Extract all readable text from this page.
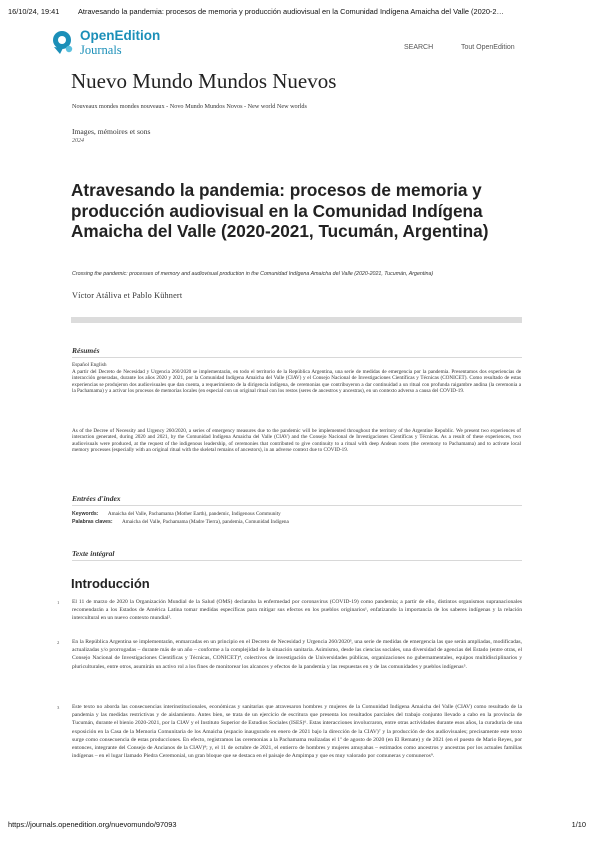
16/10/24, 19:41	Atravesando la pandemia: procesos de memoria y producción audiovisual en la Comunidad Indígena Amaicha del Valle (2020-2…
OpenEdition
Journals	SEARCH	Tout OpenEdition
Nuevo Mundo Mundos Nuevos
Nouveaux mondes mondes nouveaux - Novo Mundo Mundos Novos - New world New worlds
Images, mémoires et sons
2024
Atravesando la pandemia: procesos de memoria y producción audiovisual en la Comunidad Indígena Amaicha del Valle (2020-2021, Tucumán, Argentina)
Crossing the pandemic: processes of memory and audiovisual production in the Comunidad Indígena Amaicha del Valle (2020-2021, Tucumán, Argentina)
Víctor Atáliva et Pablo Kühnert
Résumés
Español English

A partir del Decreto de Necesidad y Urgencia 260/2020 se implementarán, en todo el territorio de la República Argentina, una serie de medidas de emergencia por la pandemia. Presentamos dos experiencias de interacción generadas, durante los años 2020 y 2021, por la Comunidad Indígena Amaicha del Valle (CIAV) y el Consejo Nacional de Investigaciones Científicas y Técnicas (CONICET). Como resultado de estas experiencias se produjeron dos audiovisuales que dan cuenta, a requerimiento de la dirigencia indígena, de ceremonias que contribuyeron a dar continuidad a un ritual con profunda raigambre andina (la ceremonia a la Pachamama) y a activar los procesos de memorias locales (en especial con un original ritual con los restos (seres de ancestros y ancestras), en un contexto adverso a causa del COVID-19.

As of the Decree of Necessity and Urgency 260/2020, a series of emergency measures due to the pandemic will be implemented throughout the territory of the Argentine Republic. We present two experiences of interaction generated, during 2020 and 2021, by the Comunidad Indígena Amaicha del Valle (CIAV) and the Consejo Nacional de Investigaciones Científicas y Técnicas. As a result of these experiences, two audiovisuals were produced, at the request of the indigenous leadership, of ceremonies that contributed to give continuity to a ritual with deep Andean roots (the ceremony to Pachamama) and to activate local memory processes (especially with an original ritual with the skeletal remains of ancestors), in an adverse context due to COVID-19.

Entrées d'index
Keywords: Amaicha del Valle, Pachamama (Mother Earth), pandemic, Indigenous Community
Palabras claves: Amaicha del Valle, Pachamama (Madre Tierra), pandemia, Comunidad Indígena
Texte intégral
Introducción
1 El 11 de marzo de 2020 la Organización Mundial de la Salud (OMS) declaraba la enfermedad por coronavirus (COVID-19) como pandemia; a partir de ello, distintos organismos supranacionales recomendarán a los Estados de América Latina tomar medidas específicas para mitigar sus efectos en los pueblos originarios¹, enfatizando la importancia de los saberes indígenas y la relación intercultural en un nuevo contexto mundial².

2 En la República Argentina se implementarán, enmarcadas en un principio en el Decreto de Necesidad y Urgencia 260/2020³, una serie de medidas de emergencia las que serán ampliadas, modificadas, actualizadas y/o prorrogadas – durante más de un año – conforme a la complejidad de la situación sanitaria. Asimismo, desde las ciencias sociales, una diversidad de agencias del Estado (entre otras, el Consejo Nacional de Investigaciones Científicas y Técnicas, CONICET)⁴, colectivos de investigación de Universidades públicas, organizaciones no gubernamentales, equipos multidisciplinarios y pluriculturales, entre otros, asumirán un activo rol a los fines de monitorear los alcances y efectos de la pandemia y las respuestas en y de las comunidades y pueblos indígenas⁵.

3 Este texto no aborda las consecuencias interinstitucionales, económicas y sanitarias que atravesaron hombres y mujeres de la Comunidad Indígena Amaicha del Valle (CIAV) como resultado de la pandemia y las medidas restrictivas y de aislamiento. Antes bien, se trata de un ejercicio de escritura que presenta los resultados parciales del trabajo conjunto llevado a cabo en la provincia de Tucumán, durante el bienio 2020-2021, por la CIAV y el Instituto Superior de Estudios Sociales (ISES)⁶. Estas interacciones involucraron, entre otras actividades durante esos años, la curaduría de una exposición en la Casa de la Memoria Comunitaria de los Amaicha (espacio inaugurado en enero de 2021 bajo la dirección de la CIAV)⁷ y la producción de dos audiovisuales; precisamente este texto surge como consecuencia de estas producciones. En efecto, registramos las ceremonias a la Pachamama realizadas el 1º de agosto de 2020 (en El Remate) y de 2021 (en el puesto de Mario Reyes, por entonces, integrante del Consejo de Ancianos de la CIAV)⁸; y, el 11 de octubre de 2021, el entierro de hombres y mujeres amuyahas – estimados como ancestros y ancestras por los actuales familias indígenas – en el lugar llamado Piedra Ceremonial, un gran bloque que se destaca en el paisaje de Ampimpa y que es muy valorado por comuneras y comuneros⁹.

https://journals.openedition.org/nuevomundo/97093	1/10
